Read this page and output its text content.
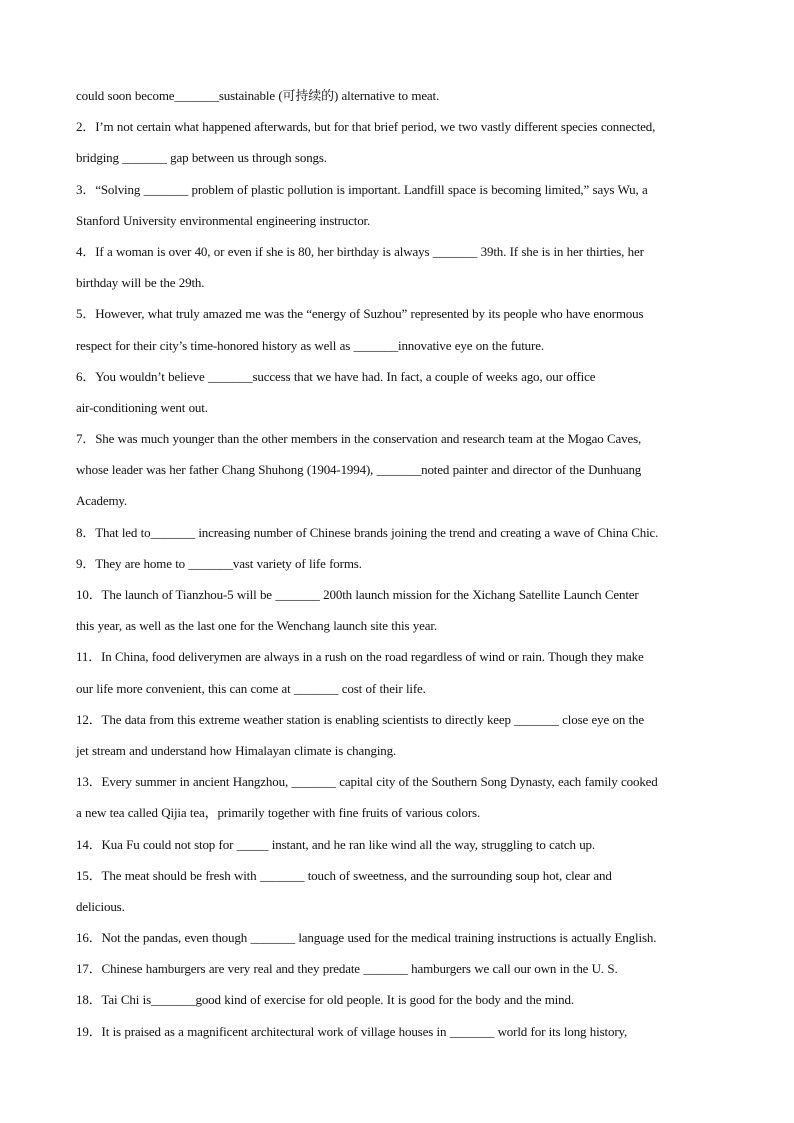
could soon become_______sustainable (可持续的) alternative to meat.
2．I’m not certain what happened afterwards, but for that brief period, we two vastly different species connected,
bridging _______ gap between us through songs.
3．“Solving _______ problem of plastic pollution is important. Landfill space is becoming limited,” says Wu, a
Stanford University environmental engineering instructor.
4．If a woman is over 40, or even if she is 80, her birthday is always _______ 39th. If she is in her thirties, her
birthday will be the 29th.
5．However, what truly amazed me was the “energy of Suzhou” represented by its people who have enormous
respect for their city’s time-honored history as well as _______innovative eye on the future.
6．You wouldn’t believe _______success that we have had. In fact, a couple of weeks ago, our office
air-conditioning went out.
7．She was much younger than the other members in the conservation and research team at the Mogao Caves,
whose leader was her father Chang Shuhong (1904-1994), _______noted painter and director of the Dunhuang
Academy.
8．That led to_______ increasing number of Chinese brands joining the trend and creating a wave of China Chic.
9．They are home to _______vast variety of life forms.
10．The launch of Tianzhou-5 will be _______ 200th launch mission for the Xichang Satellite Launch Center
this year, as well as the last one for the Wenchang launch site this year.
11．In China, food deliverymen are always in a rush on the road regardless of wind or rain. Though they make
our life more convenient, this can come at _______ cost of their life.
12．The data from this extreme weather station is enabling scientists to directly keep _______ close eye on the
jet stream and understand how Himalayan climate is changing.
13．Every summer in ancient Hangzhou, _______ capital city of the Southern Song Dynasty, each family cooked
a new tea called Qijia tea，primarily together with fine fruits of various colors.
14．Kua Fu could not stop for _____ instant, and he ran like wind all the way, struggling to catch up.
15．The meat should be fresh with _______ touch of sweetness, and the surrounding soup hot, clear and
delicious.
16．Not the pandas, even though _______ language used for the medical training instructions is actually English.
17．Chinese hamburgers are very real and they predate _______ hamburgers we call our own in the U. S.
18．Tai Chi is_______good kind of exercise for old people. It is good for the body and the mind.
19．It is praised as a magnificent architectural work of village houses in _______ world for its long history,
